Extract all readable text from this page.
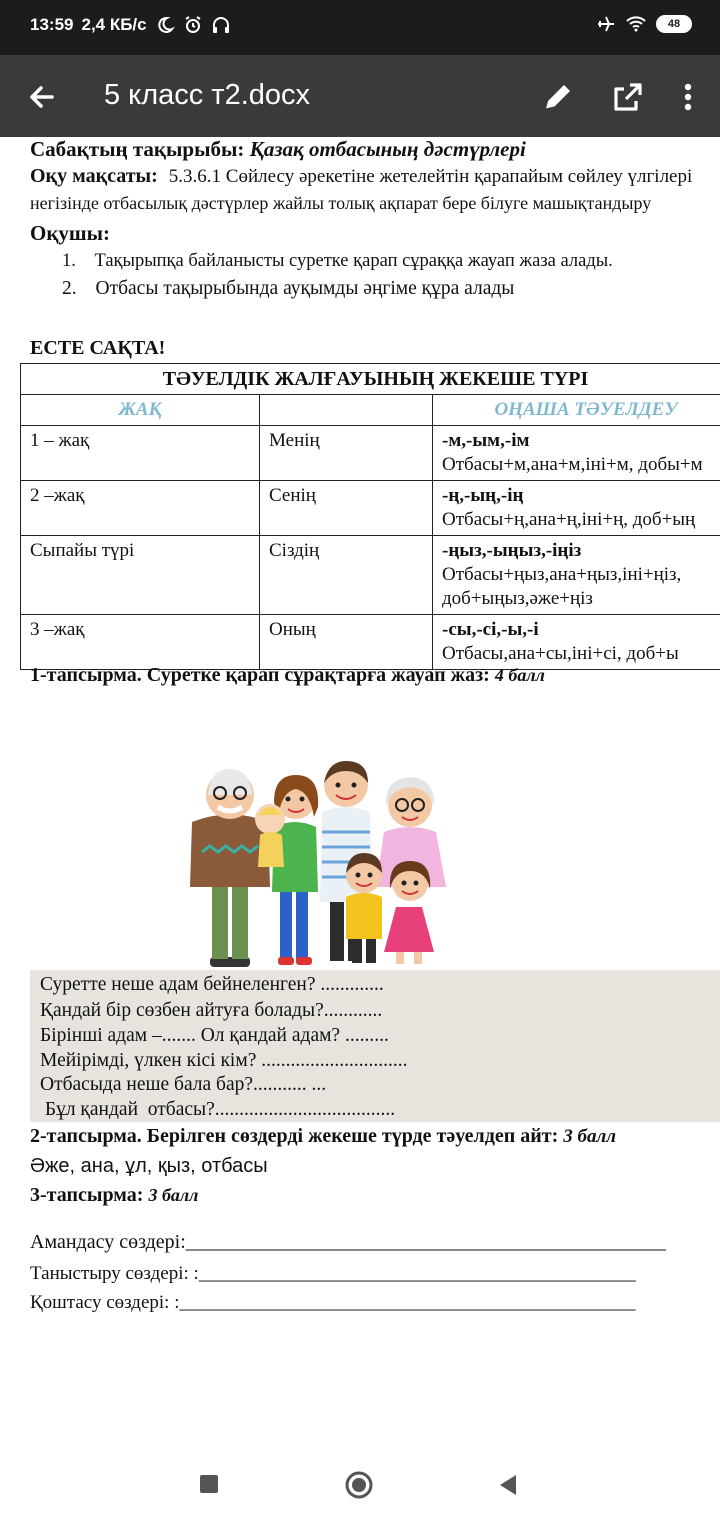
13:59 2,4 КБ/с	48
5 класс т2.docx
Сабақтың тақырыбы: Қазақ отбасының дәстүрлері
Оқу мақсаты: 5.3.6.1 Сөйлесу әрекетіне жетелейтін қарапайым сөйлеу үлгілері
негізінде отбасылық дәстүрлер жайлы толық ақпарат бере білуге машықтандыру
Оқушы:
1. Тақырыпқа байланысты суретке қарап сұраққа жауап жаза алады.
2. Отбасы тақырыбында ауқымды әңгіме құра алады
ЕСТЕ САҚТА!
ТӘУЕЛДІК ЖАЛҒАУЫНЫҢ ЖЕКЕШЕ ТҮРІ		
ЖАҚ		ОҢАША ТӘУЕЛДЕУ
1 – жақ	Менің	-м,-ым,-ім
Отбасы+м,ана+м,іні+м, добы+м

2 –жақ	Сенің	-ң,-ың,-ің
Отбасы+ң,ана+ң,іні+ң, доб+ың

Сыпайы түрі	Сіздің	-ңыз,-ыңыз,-іңіз
Отбасы+ңыз,ана+ңыз,іні+ңіз,
доб+ыңыз,әже+ңіз

3 –жақ	Оның	-сы,-сі,-ы,-і
Отбасы,ана+сы,іні+сі, доб+ы
1-тапсырма. Суретке қарап сұрақтарға жауап жаз: 4 балл
Суретте неше адам бейнеленген? .............
Қандай бір сөзбен айтуға болады?............
Бірінші адам –....... Ол қандай адам? .........
Мейірімді, үлкен кісі кім? ..............................
Отбасыда неше бала бар?........... ...
Бұл қандай  отбасы?.....................................
2-тапсырма. Берілген сөздерді жекеше түрде тәуелдеп айт: 3 балл
Әже, ана, ұл, қыз, отбасы
3-тапсырма: 3 балл
Амандасу сөздері:________________________________________________
Таныстыру сөздері: :______________________________________________
Қоштасу сөздері: :________________________________________________
